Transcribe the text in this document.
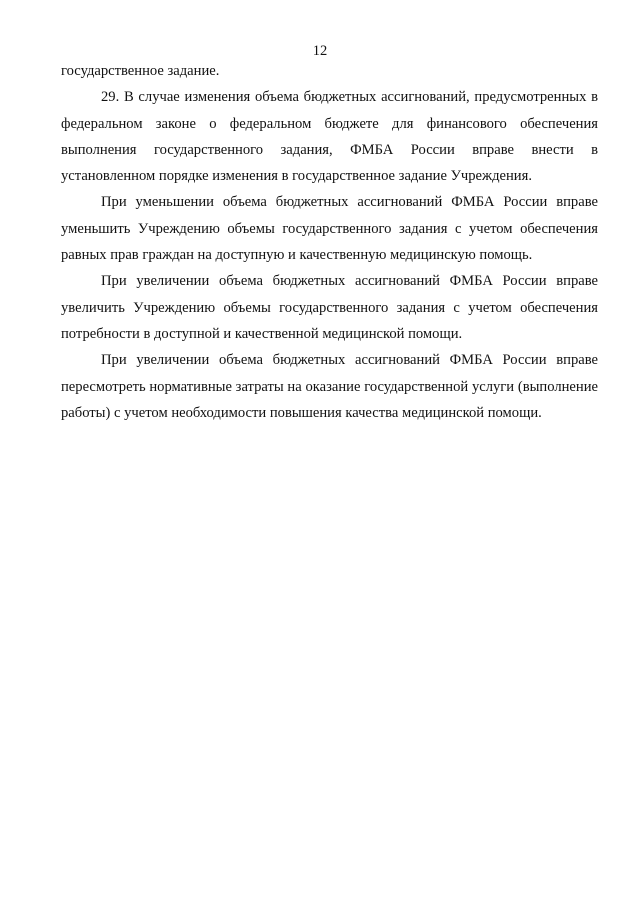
12

государственное задание.

29. В случае изменения объема бюджетных ассигнований, предусмотренных в федеральном законе о федеральном бюджете для финансового обеспечения выполнения государственного задания, ФМБА России вправе внести в установленном порядке изменения в государственное задание Учреждения.

При уменьшении объема бюджетных ассигнований ФМБА России вправе уменьшить Учреждению объемы государственного задания с учетом обеспечения равных прав граждан на доступную и качественную медицинскую помощь.

При увеличении объема бюджетных ассигнований ФМБА России вправе увеличить Учреждению объемы государственного задания с учетом обеспечения потребности в доступной и качественной медицинской помощи.

При увеличении объема бюджетных ассигнований ФМБА России вправе пересмотреть нормативные затраты на оказание государственной услуги (выполнение работы) с учетом необходимости повышения качества медицинской помощи.
